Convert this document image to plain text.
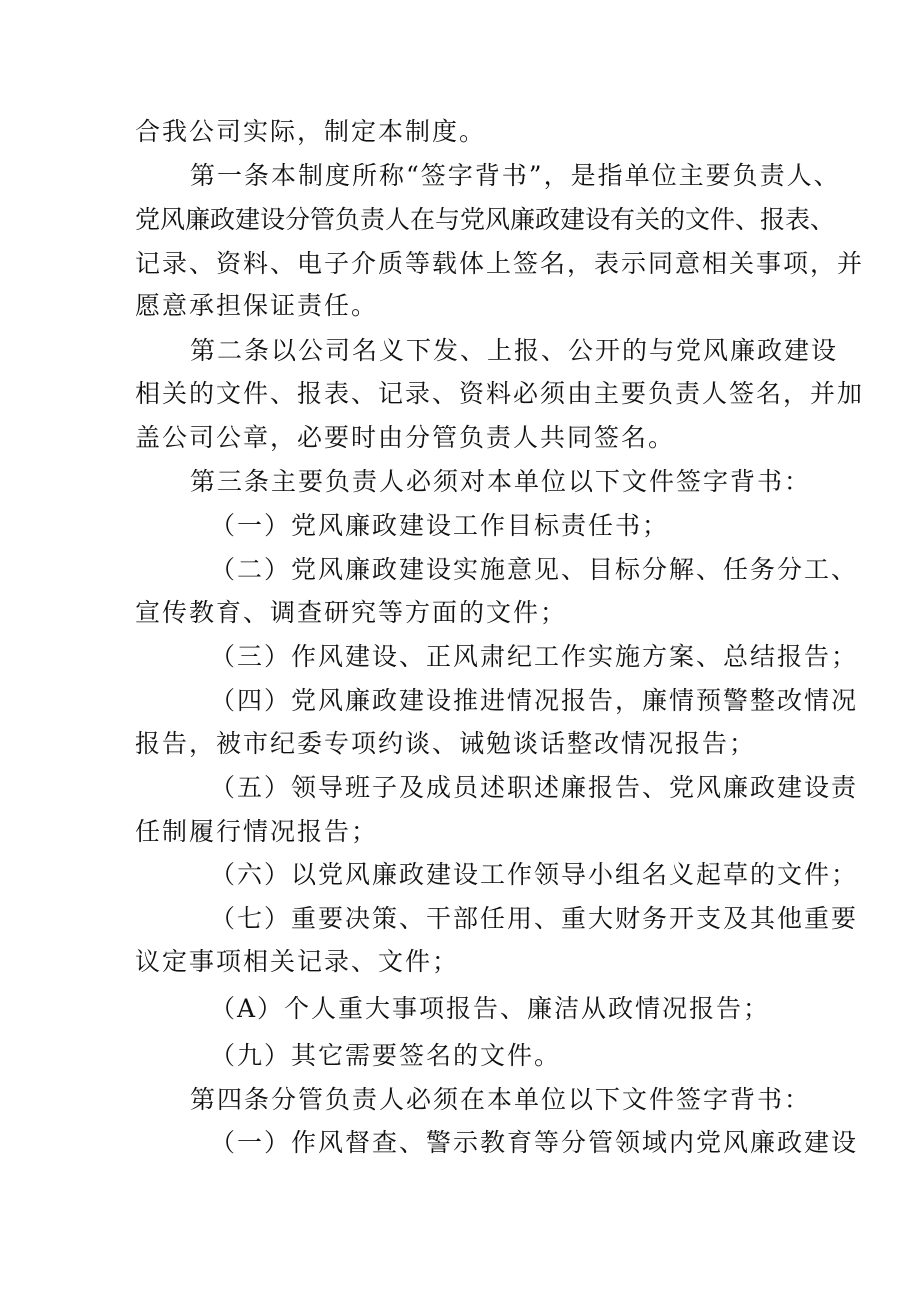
合我公司实际，制定本制度。
第一条本制度所称“签字背书”，是指单位主要负责人、
党风廉政建设分管负责人在与党风廉政建设有关的文件、报表、
记录、资料、电子介质等载体上签名，表示同意相关事项，并
愿意承担保证责任。
第二条以公司名义下发、上报、公开的与党风廉政建设
相关的文件、报表、记录、资料必须由主要负责人签名，并加
盖公司公章，必要时由分管负责人共同签名。
第三条主要负责人必须对本单位以下文件签字背书：
（一）党风廉政建设工作目标责任书；
（二）党风廉政建设实施意见、目标分解、任务分工、
宣传教育、调查研究等方面的文件；
（三）作风建设、正风肃纪工作实施方案、总结报告；
（四）党风廉政建设推进情况报告，廉情预警整改情况
报告，被市纪委专项约谈、诫勉谈话整改情况报告；
（五）领导班子及成员述职述廉报告、党风廉政建设责
任制履行情况报告；
（六）以党风廉政建设工作领导小组名义起草的文件；
（七）重要决策、干部任用、重大财务开支及其他重要
议定事项相关记录、文件；
（A）个人重大事项报告、廉洁从政情况报告；
（九）其它需要签名的文件。
第四条分管负责人必须在本单位以下文件签字背书：
（一）作风督查、警示教育等分管领域内党风廉政建设
